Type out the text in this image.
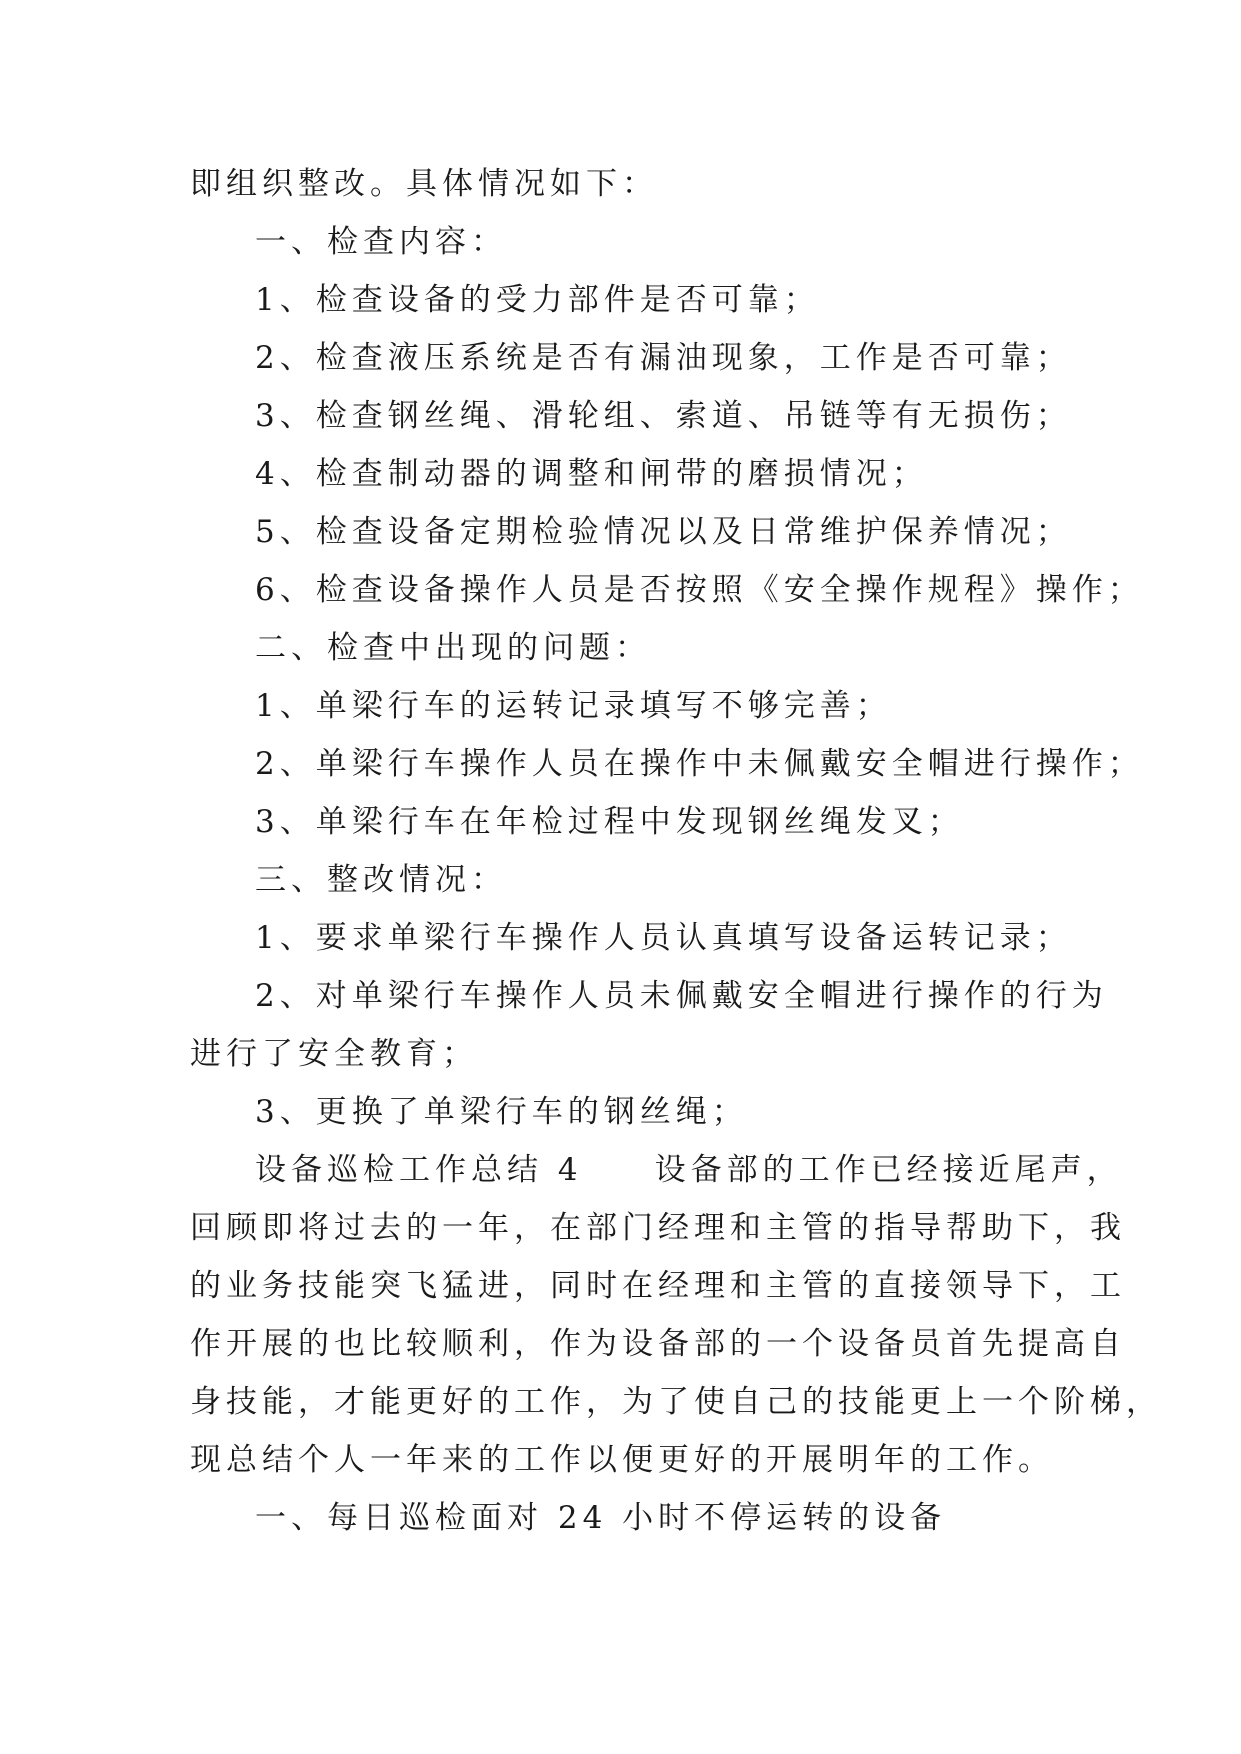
即组织整改。具体情况如下：
一、检查内容：
1、检查设备的受力部件是否可靠；
2、检查液压系统是否有漏油现象，工作是否可靠；
3、检查钢丝绳、滑轮组、索道、吊链等有无损伤；
4、检查制动器的调整和闸带的磨损情况；
5、检查设备定期检验情况以及日常维护保养情况；
6、检查设备操作人员是否按照《安全操作规程》操作；
二、检查中出现的问题：
1、单梁行车的运转记录填写不够完善；
2、单梁行车操作人员在操作中未佩戴安全帽进行操作；
3、单梁行车在年检过程中发现钢丝绳发叉；
三、整改情况：
1、要求单梁行车操作人员认真填写设备运转记录；
2、对单梁行车操作人员未佩戴安全帽进行操作的行为
进行了安全教育；
3、更换了单梁行车的钢丝绳；
设备巡检工作总结 4　　设备部的工作已经接近尾声，
回顾即将过去的一年，在部门经理和主管的指导帮助下，我
的业务技能突飞猛进，同时在经理和主管的直接领导下，工
作开展的也比较顺利，作为设备部的一个设备员首先提高自
身技能，才能更好的工作，为了使自己的技能更上一个阶梯，
现总结个人一年来的工作以便更好的开展明年的工作。
一、每日巡检面对 24 小时不停运转的设备
